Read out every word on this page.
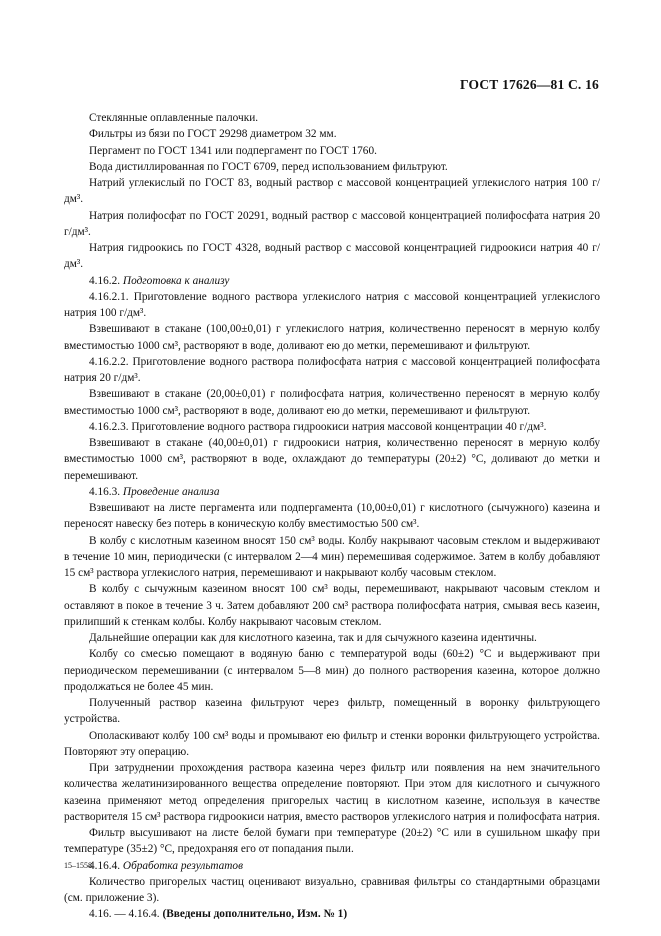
ГОСТ 17626—81 С. 16

Стеклянные оплавленные палочки.

Фильтры из бязи по ГОСТ 29298 диаметром 32 мм.

Пергамент по ГОСТ 1341 или подпергамент по ГОСТ 1760.

Вода дистиллированная по ГОСТ 6709, перед использованием фильтруют.

Натрий углекислый по ГОСТ 83, водный раствор с массовой концентрацией углекислого натрия 100 г/дм³.

Натрия полифосфат по ГОСТ 20291, водный раствор с массовой концентрацией полифосфата натрия 20 г/дм³.

Натрия гидроокись по ГОСТ 4328, водный раствор с массовой концентрацией гидроокиси натрия 40 г/дм³.

4.16.2. Подготовка к анализу

4.16.2.1. Приготовление водного раствора углекислого натрия с массовой концентрацией углекислого натрия 100 г/дм³.

Взвешивают в стакане (100,00±0,01) г углекислого натрия, количественно переносят в мерную колбу вместимостью 1000 см³, растворяют в воде, доливают ею до метки, перемешивают и фильтруют.

4.16.2.2. Приготовление водного раствора полифосфата натрия с массовой концентрацией полифосфата натрия 20 г/дм³.

Взвешивают в стакане (20,00±0,01) г полифосфата натрия, количественно переносят в мерную колбу вместимостью 1000 см³, растворяют в воде, доливают ею до метки, перемешивают и фильтруют.

4.16.2.3. Приготовление водного раствора гидроокиси натрия массовой концентрации 40 г/дм³.

Взвешивают в стакане (40,00±0,01) г гидроокиси натрия, количественно переносят в мерную колбу вместимостью 1000 см³, растворяют в воде, охлаждают до температуры (20±2) °С, доливают до метки и перемешивают.

4.16.3. Проведение анализа

Взвешивают на листе пергамента или подпергамента (10,00±0,01) г кислотного (сычужного) казеина и переносят навеску без потерь в коническую колбу вместимостью 500 см³.

В колбу с кислотным казеином вносят 150 см³ воды. Колбу накрывают часовым стеклом и выдерживают в течение 10 мин, периодически (с интервалом 2—4 мин) перемешивая содержимое. Затем в колбу добавляют 15 см³ раствора углекислого натрия, перемешивают и накрывают колбу часовым стеклом.

В колбу с сычужным казеином вносят 100 см³ воды, перемешивают, накрывают часовым стеклом и оставляют в покое в течение 3 ч. Затем добавляют 200 см³ раствора полифосфата натрия, смывая весь казеин, прилипший к стенкам колбы. Колбу накрывают часовым стеклом.

Дальнейшие операции как для кислотного казеина, так и для сычужного казеина идентичны.

Колбу со смесью помещают в водяную баню с температурой воды (60±2) °С и выдерживают при периодическом перемешивании (с интервалом 5—8 мин) до полного растворения казеина, которое должно продолжаться не более 45 мин.

Полученный раствор казеина фильтруют через фильтр, помещенный в воронку фильтрующего устройства.

Ополаскивают колбу 100 см³ воды и промывают ею фильтр и стенки воронки фильтрующего устройства. Повторяют эту операцию.

При затруднении прохождения раствора казеина через фильтр или появления на нем значительного количества желатинизированного вещества определение повторяют. При этом для кислотного и сычужного казеина применяют метод определения пригорелых частиц в кислотном казеине, используя в качестве растворителя 15 см³ раствора гидроокиси натрия, вместо растворов углекислого натрия и полифосфата натрия.

Фильтр высушивают на листе белой бумаги при температуре (20±2) °С или в сушильном шкафу при температуре (35±2) °С, предохраняя его от попадания пыли.

4.16.4. Обработка результатов

Количество пригорелых частиц оценивают визуально, сравнивая фильтры со стандартными образцами (см. приложение 3).

4.16. — 4.16.4. (Введены дополнительно, Изм. № 1)

15–1558
